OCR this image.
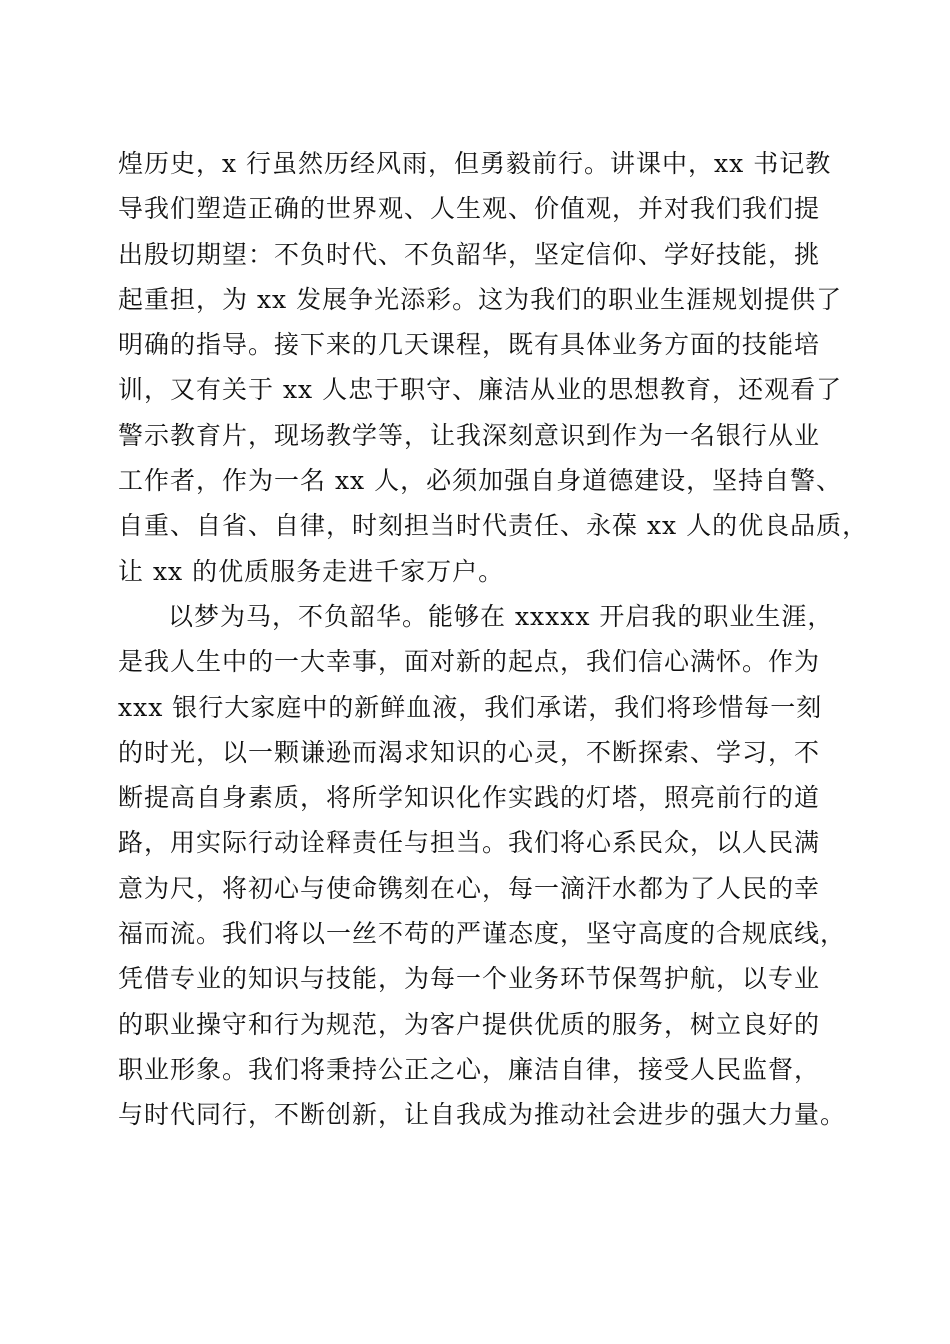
煌历史，x 行虽然历经风雨，但勇毅前行。讲课中，xx 书记教
导我们塑造正确的世界观、人生观、价值观，并对我们我们提
出殷切期望：不负时代、不负韶华，坚定信仰、学好技能，挑
起重担，为 xx 发展争光添彩。这为我们的职业生涯规划提供了
明确的指导。接下来的几天课程，既有具体业务方面的技能培
训，又有关于 xx 人忠于职守、廉洁从业的思想教育，还观看了
警示教育片，现场教学等，让我深刻意识到作为一名银行从业
工作者，作为一名 xx 人，必须加强自身道德建设，坚持自警、
自重、自省、自律，时刻担当时代责任、永葆 xx 人的优良品质，
让 xx 的优质服务走进千家万户。
以梦为马，不负韶华。能够在 xxxxx 开启我的职业生涯，
是我人生中的一大幸事，面对新的起点，我们信心满怀。作为
xxx 银行大家庭中的新鲜血液，我们承诺，我们将珍惜每一刻
的时光，以一颗谦逊而渴求知识的心灵，不断探索、学习，不
断提高自身素质，将所学知识化作实践的灯塔，照亮前行的道
路，用实际行动诠释责任与担当。我们将心系民众，以人民满
意为尺，将初心与使命镌刻在心，每一滴汗水都为了人民的幸
福而流。我们将以一丝不苟的严谨态度，坚守高度的合规底线，
凭借专业的知识与技能，为每一个业务环节保驾护航，以专业
的职业操守和行为规范，为客户提供优质的服务，树立良好的
职业形象。我们将秉持公正之心，廉洁自律，接受人民监督，
与时代同行，不断创新，让自我成为推动社会进步的强大力量。
